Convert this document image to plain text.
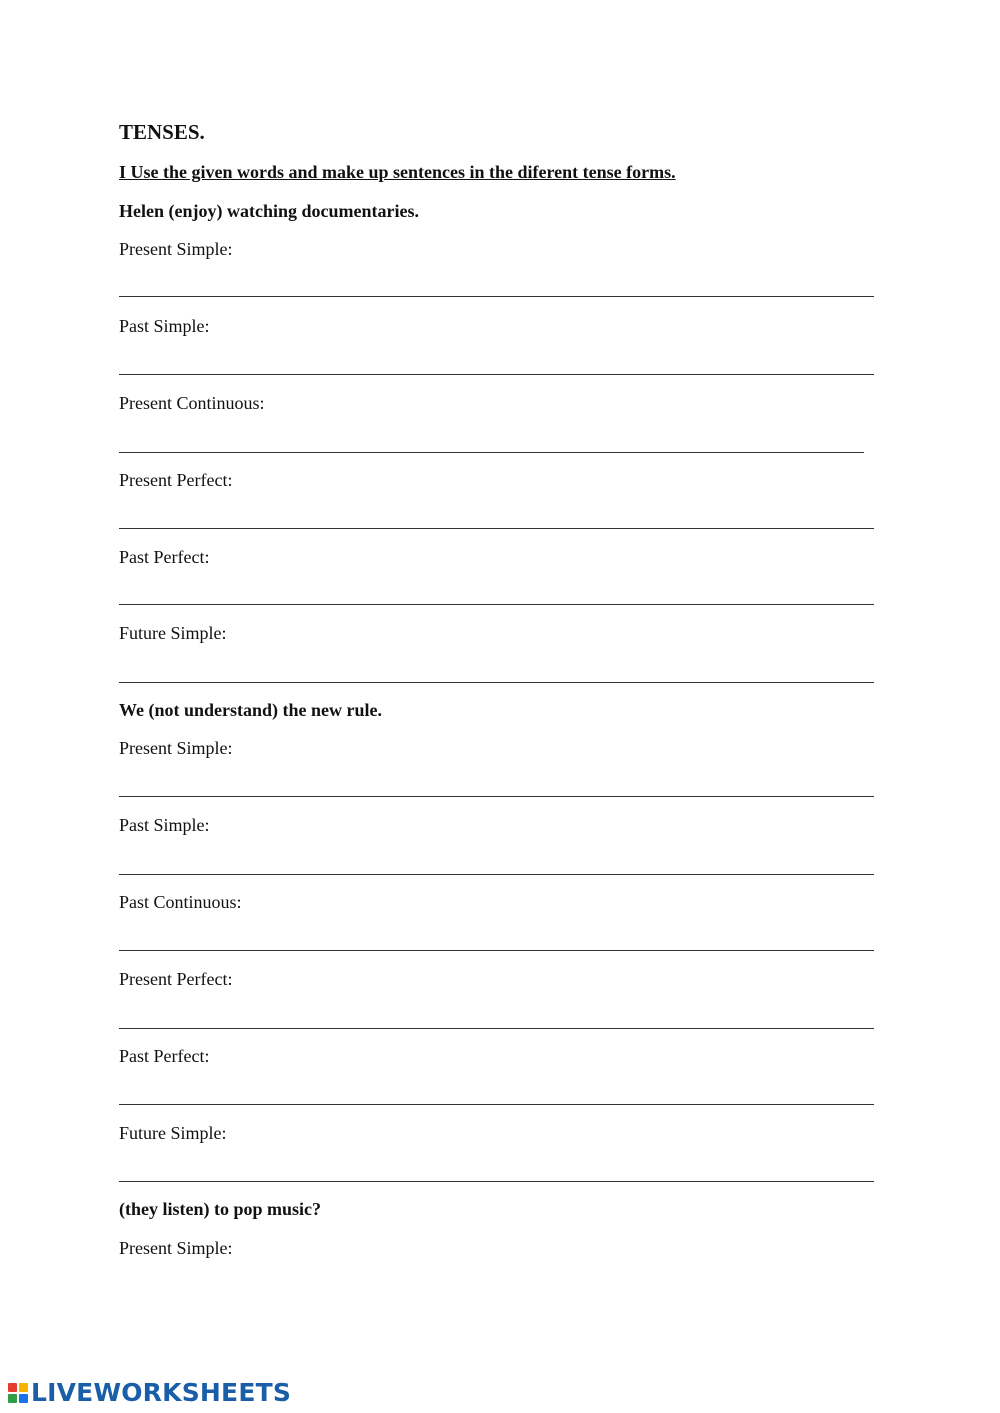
TENSES.
I Use the given words and make up sentences in the diferent tense forms.
Helen (enjoy) watching documentaries.
Present Simple:
Past Simple:
Present Continuous:
Present Perfect:
Past Perfect:
Future Simple:
We (not understand) the new rule.
Present Simple:
Past Simple:
Past Continuous:
Present Perfect:
Past Perfect:
Future Simple:
(they listen) to pop music?
Present Simple:
LIVEWORKSHEETS
